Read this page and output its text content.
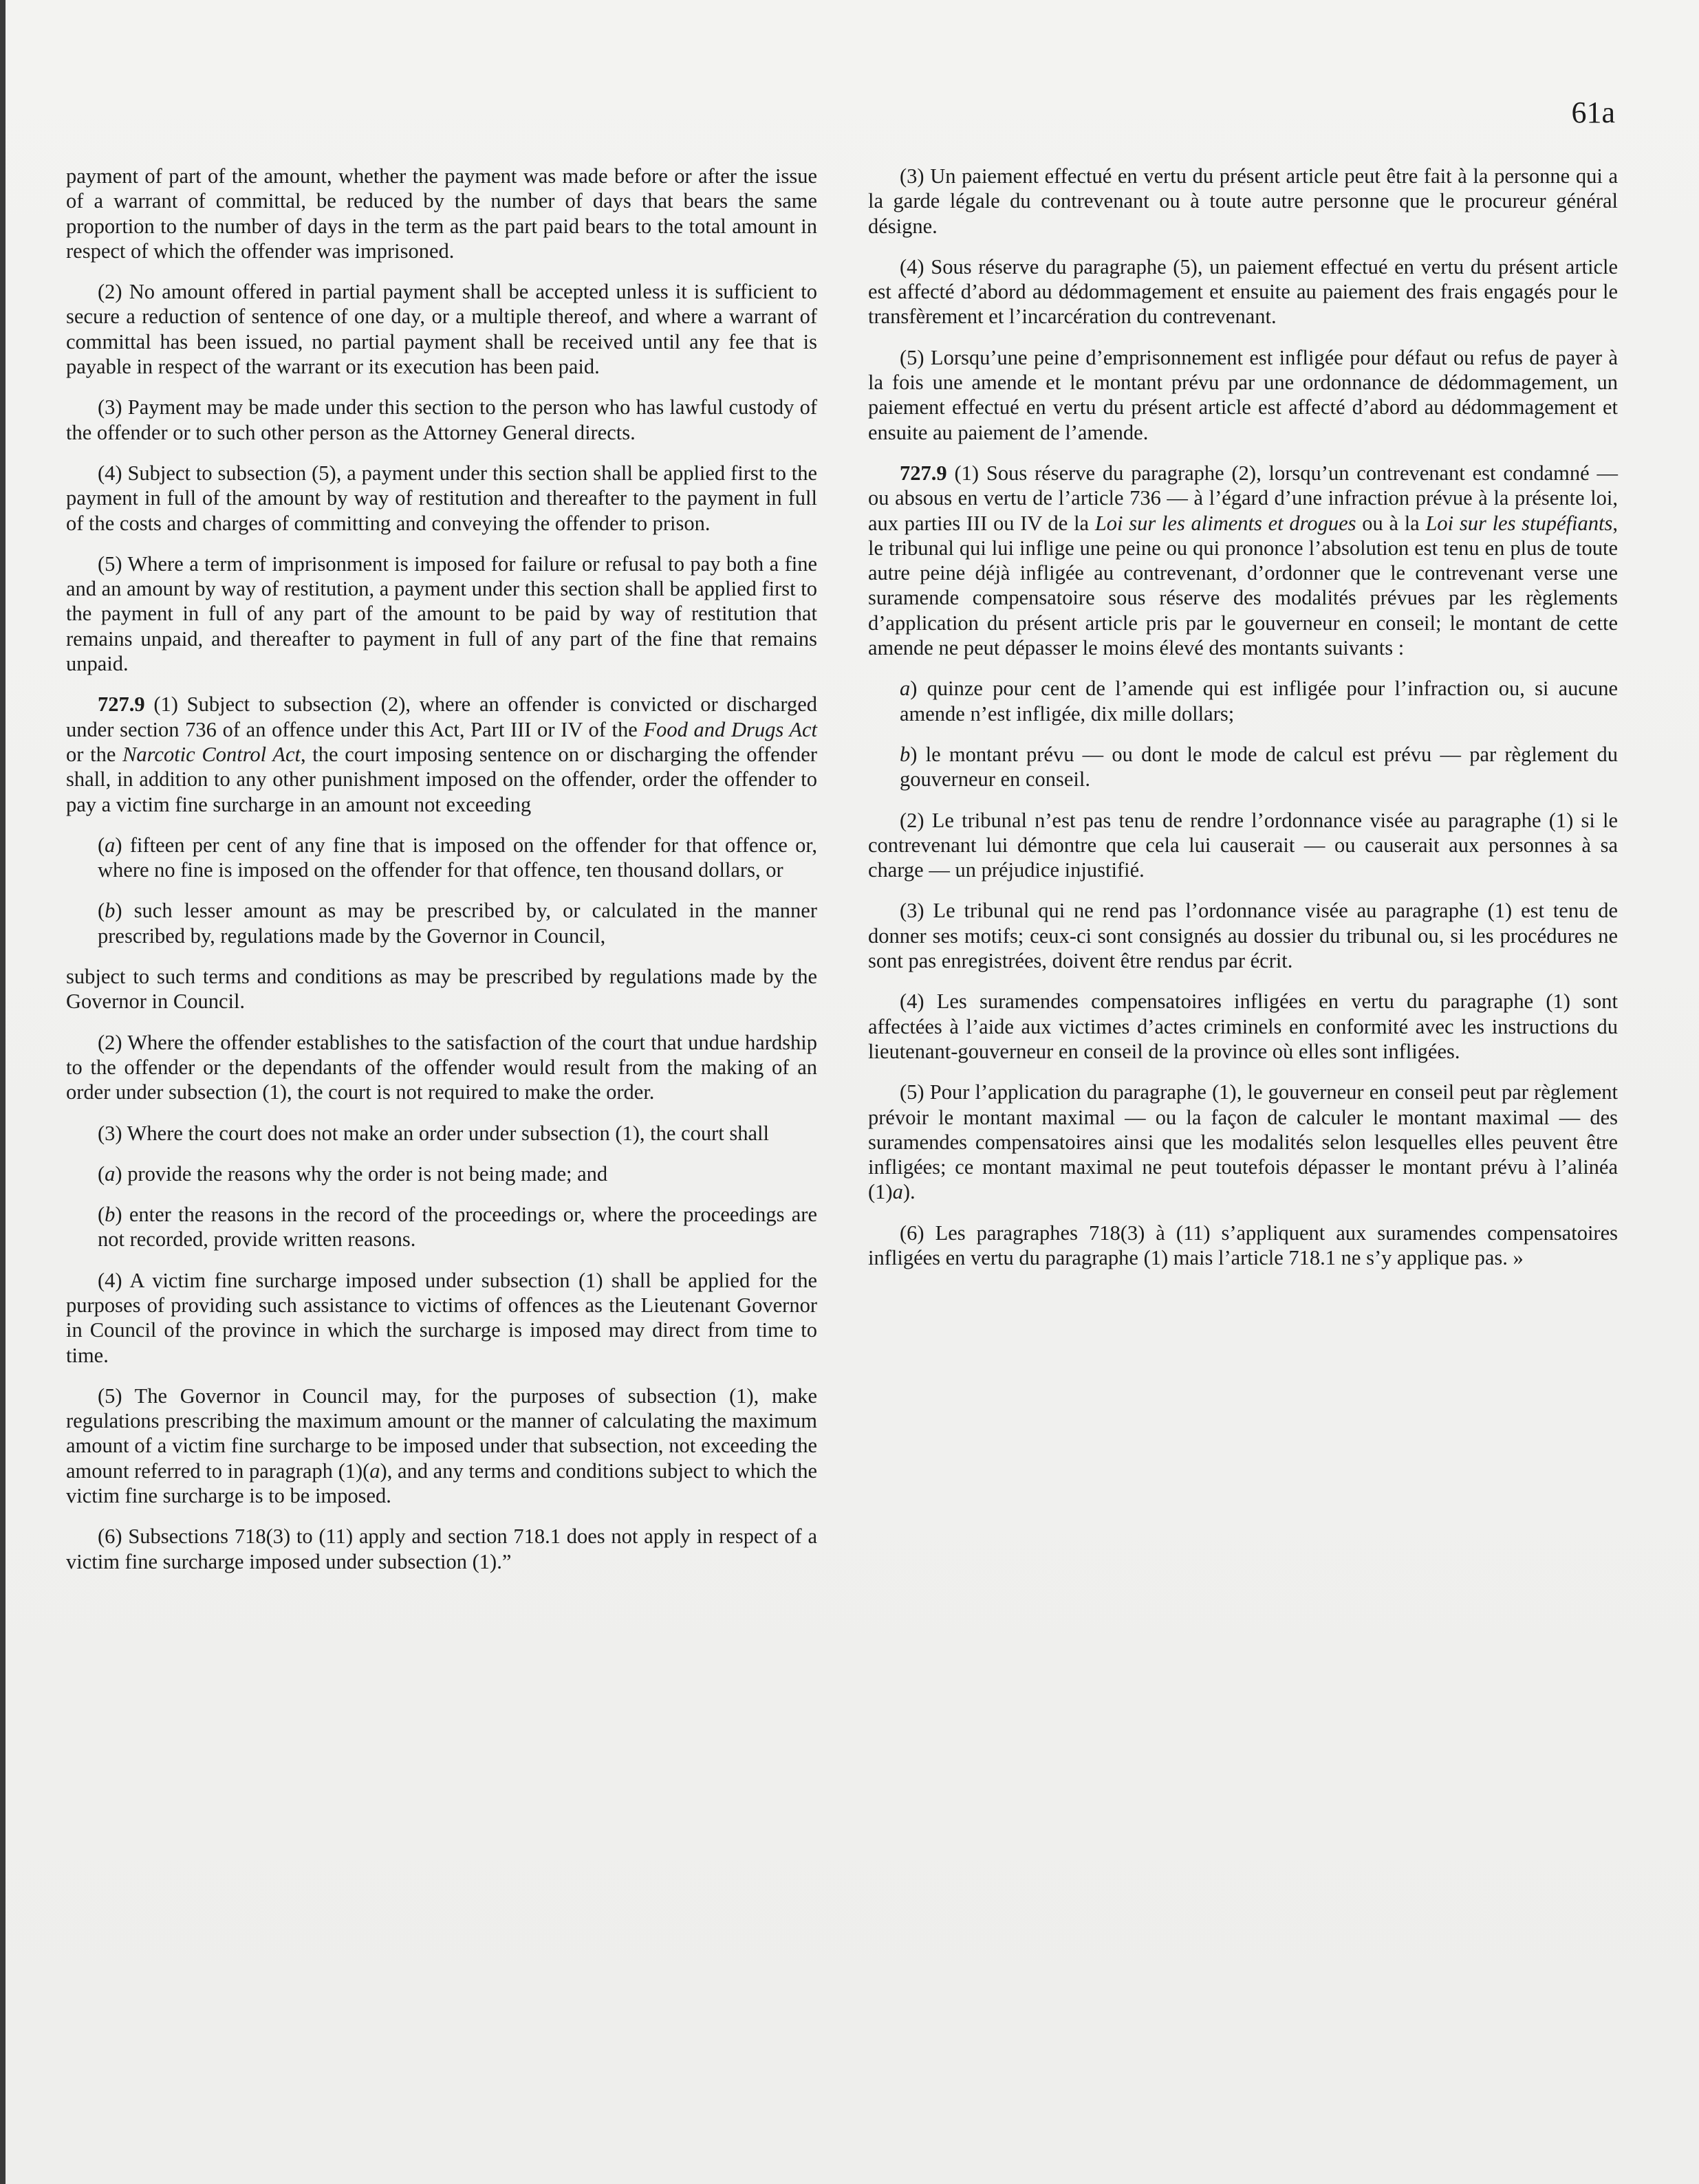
61a

payment of part of the amount, whether the payment was made before or after the issue of a warrant of committal, be reduced by the number of days that bears the same proportion to the number of days in the term as the part paid bears to the total amount in respect of which the offender was imprisoned.

(2) No amount offered in partial payment shall be accepted unless it is sufficient to secure a reduction of sentence of one day, or a multiple thereof, and where a warrant of committal has been issued, no partial payment shall be received until any fee that is payable in respect of the warrant or its execution has been paid.

(3) Payment may be made under this section to the person who has lawful custody of the offender or to such other person as the Attorney General directs.

(4) Subject to subsection (5), a payment under this section shall be applied first to the payment in full of the amount by way of restitution and thereafter to the payment in full of the costs and charges of committing and conveying the offender to prison.

(5) Where a term of imprisonment is imposed for failure or refusal to pay both a fine and an amount by way of restitution, a payment under this section shall be applied first to the payment in full of any part of the amount to be paid by way of restitution that remains unpaid, and thereafter to payment in full of any part of the fine that remains unpaid.

727.9 (1) Subject to subsection (2), where an offender is convicted or discharged under section 736 of an offence under this Act, Part III or IV of the Food and Drugs Act or the Narcotic Control Act, the court imposing sentence on or discharging the offender shall, in addition to any other punishment imposed on the offender, order the offender to pay a victim fine surcharge in an amount not exceeding

(a) fifteen per cent of any fine that is imposed on the offender for that offence or, where no fine is imposed on the offender for that offence, ten thousand dollars, or

(b) such lesser amount as may be prescribed by, or calculated in the manner prescribed by, regulations made by the Governor in Council,

subject to such terms and conditions as may be prescribed by regulations made by the Governor in Council.

(2) Where the offender establishes to the satisfaction of the court that undue hardship to the offender or the dependants of the offender would result from the making of an order under subsection (1), the court is not required to make the order.

(3) Where the court does not make an order under subsection (1), the court shall

(a) provide the reasons why the order is not being made; and

(b) enter the reasons in the record of the proceedings or, where the proceedings are not recorded, provide written reasons.

(4) A victim fine surcharge imposed under subsection (1) shall be applied for the purposes of providing such assistance to victims of offences as the Lieutenant Governor in Council of the province in which the surcharge is imposed may direct from time to time.

(5) The Governor in Council may, for the purposes of subsection (1), make regulations prescribing the maximum amount or the manner of calculating the maximum amount of a victim fine surcharge to be imposed under that subsection, not exceeding the amount referred to in paragraph (1)(a), and any terms and conditions subject to which the victim fine surcharge is to be imposed.

(6) Subsections 718(3) to (11) apply and section 718.1 does not apply in respect of a victim fine surcharge imposed under subsection (1).”

(3) Un paiement effectué en vertu du présent article peut être fait à la personne qui a la garde légale du contrevenant ou à toute autre personne que le procureur général désigne.

(4) Sous réserve du paragraphe (5), un paiement effectué en vertu du présent article est affecté d’abord au dédommagement et ensuite au paiement des frais engagés pour le transfèrement et l’incarcération du contrevenant.

(5) Lorsqu’une peine d’emprisonnement est infligée pour défaut ou refus de payer à la fois une amende et le montant prévu par une ordonnance de dédommagement, un paiement effectué en vertu du présent article est affecté d’abord au dédommagement et ensuite au paiement de l’amende.

727.9 (1) Sous réserve du paragraphe (2), lorsqu’un contrevenant est condamné — ou absous en vertu de l’article 736 — à l’égard d’une infraction prévue à la présente loi, aux parties III ou IV de la Loi sur les aliments et drogues ou à la Loi sur les stupéfiants, le tribunal qui lui inflige une peine ou qui prononce l’absolution est tenu en plus de toute autre peine déjà infligée au contrevenant, d’ordonner que le contrevenant verse une suramende compensatoire sous réserve des modalités prévues par les règlements d’application du présent article pris par le gouverneur en conseil; le montant de cette amende ne peut dépasser le moins élevé des montants suivants :

a) quinze pour cent de l’amende qui est infligée pour l’infraction ou, si aucune amende n’est infligée, dix mille dollars;

b) le montant prévu — ou dont le mode de calcul est prévu — par règlement du gouverneur en conseil.

(2) Le tribunal n’est pas tenu de rendre l’ordonnance visée au paragraphe (1) si le contrevenant lui démontre que cela lui causerait — ou causerait aux personnes à sa charge — un préjudice injustifié.

(3) Le tribunal qui ne rend pas l’ordonnance visée au paragraphe (1) est tenu de donner ses motifs; ceux-ci sont consignés au dossier du tribunal ou, si les procédures ne sont pas enregistrées, doivent être rendus par écrit.

(4) Les suramendes compensatoires infligées en vertu du paragraphe (1) sont affectées à l’aide aux victimes d’actes criminels en conformité avec les instructions du lieutenant-gouverneur en conseil de la province où elles sont infligées.

(5) Pour l’application du paragraphe (1), le gouverneur en conseil peut par règlement prévoir le montant maximal — ou la façon de calculer le montant maximal — des suramendes compensatoires ainsi que les modalités selon lesquelles elles peuvent être infligées; ce montant maximal ne peut toutefois dépasser le montant prévu à l’alinéa (1)a).

(6) Les paragraphes 718(3) à (11) s’appliquent aux suramendes compensatoires infligées en vertu du paragraphe (1) mais l’article 718.1 ne s’y applique pas. »
